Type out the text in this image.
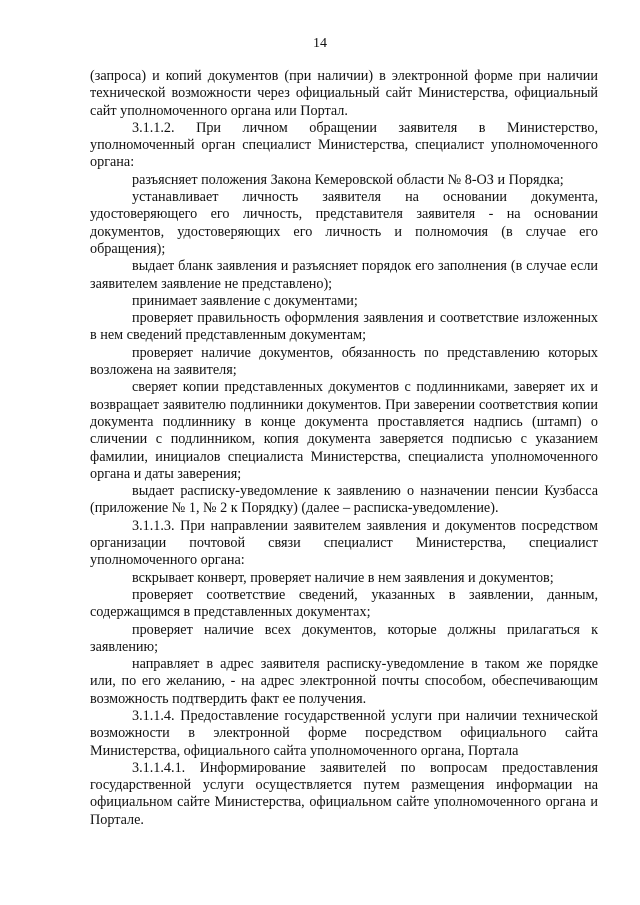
14

(запроса) и копий документов (при наличии) в электронной форме при наличии технической возможности через официальный сайт Министерства, официальный сайт уполномоченного органа или Портал.

3.1.1.2. При личном обращении заявителя в Министерство, уполномоченный орган специалист Министерства, специалист уполномоченного органа:

разъясняет положения Закона Кемеровской области № 8-ОЗ и Порядка;

устанавливает личность заявителя на основании документа, удостоверяющего его личность, представителя заявителя - на основании документов, удостоверяющих его личность и полномочия (в случае его обращения);

выдает бланк заявления и разъясняет порядок его заполнения (в случае если заявителем заявление не представлено);

принимает заявление с документами;

проверяет правильность оформления заявления и соответствие изложенных в нем сведений представленным документам;

проверяет наличие документов, обязанность по представлению которых возложена на заявителя;

сверяет копии представленных документов с подлинниками, заверяет их и возвращает заявителю подлинники документов. При заверении соответствия копии документа подлиннику в конце документа проставляется надпись (штамп) о сличении с подлинником, копия документа заверяется подписью с указанием фамилии, инициалов специалиста Министерства, специалиста уполномоченного органа и даты заверения;

выдает расписку-уведомление к заявлению о назначении пенсии Кузбасса (приложение № 1, № 2 к Порядку) (далее – расписка-уведомление).

3.1.1.3. При направлении заявителем заявления и документов посредством организации почтовой связи специалист Министерства, специалист уполномоченного органа:

вскрывает конверт, проверяет наличие в нем заявления и документов;

проверяет соответствие сведений, указанных в заявлении, данным, содержащимся в представленных документах;

проверяет наличие всех документов, которые должны прилагаться к заявлению;

направляет в адрес заявителя расписку-уведомление в таком же порядке или, по его желанию, - на адрес электронной почты способом, обеспечивающим возможность подтвердить факт ее получения.

3.1.1.4. Предоставление государственной услуги при наличии технической возможности в электронной форме посредством официального сайта Министерства, официального сайта уполномоченного органа, Портала

3.1.1.4.1. Информирование заявителей по вопросам предоставления государственной услуги осуществляется путем размещения информации на официальном сайте Министерства, официальном сайте уполномоченного органа и Портале.
